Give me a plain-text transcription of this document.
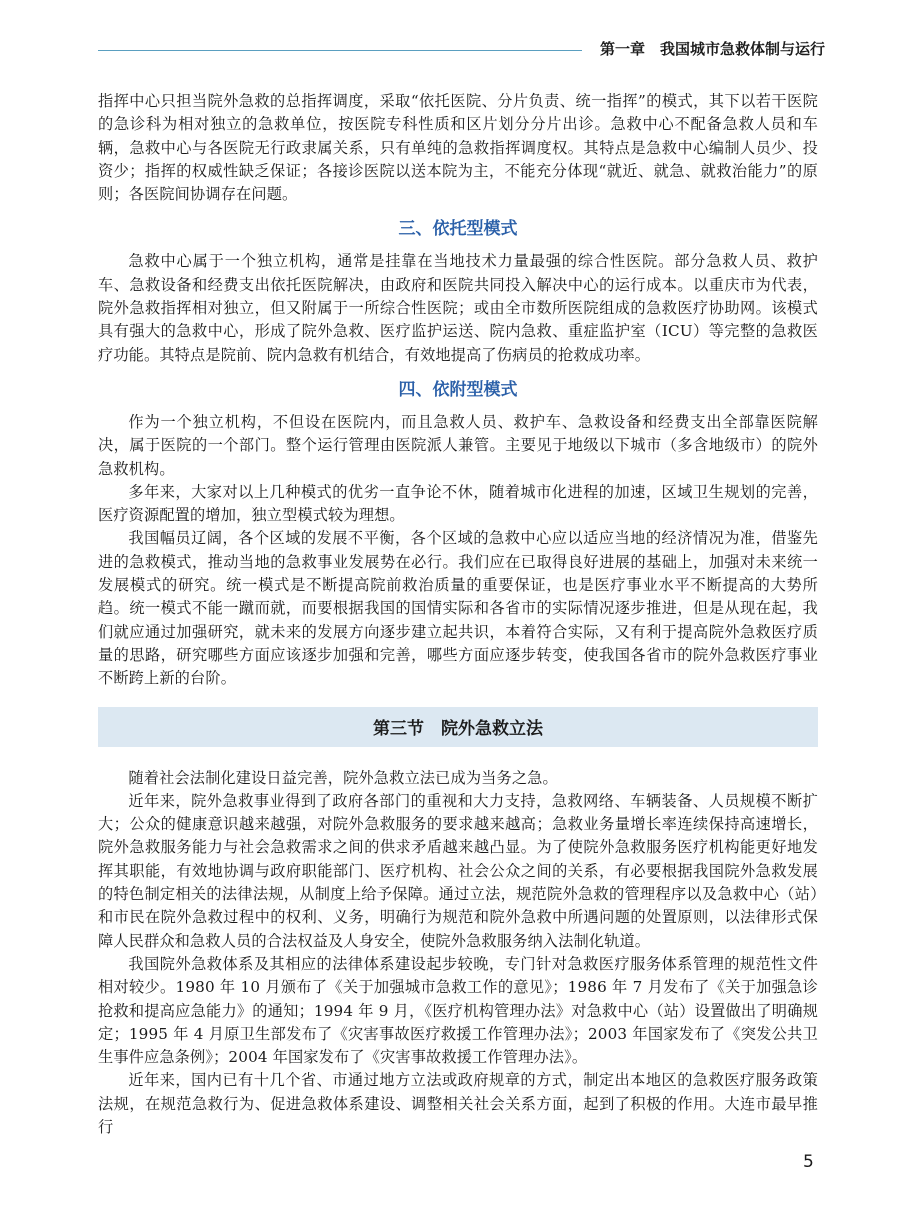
第一章　我国城市急救体制与运行

指挥中心只担当院外急救的总指挥调度，采取“依托医院、分片负责、统一指挥”的模式，其下以若干医院的急诊科为相对独立的急救单位，按医院专科性质和区片划分分片出诊。急救中心不配备急救人员和车辆，急救中心与各医院无行政隶属关系，只有单纯的急救指挥调度权。其特点是急救中心编制人员少、投资少；指挥的权威性缺乏保证；各接诊医院以送本院为主，不能充分体现“就近、就急、就救治能力”的原则；各医院间协调存在问题。

三、依托型模式

急救中心属于一个独立机构，通常是挂靠在当地技术力量最强的综合性医院。部分急救人员、救护车、急救设备和经费支出依托医院解决，由政府和医院共同投入解决中心的运行成本。以重庆市为代表，院外急救指挥相对独立，但又附属于一所综合性医院；或由全市数所医院组成的急救医疗协助网。该模式具有强大的急救中心，形成了院外急救、医疗监护运送、院内急救、重症监护室（ICU）等完整的急救医疗功能。其特点是院前、院内急救有机结合，有效地提高了伤病员的抢救成功率。

四、依附型模式

作为一个独立机构，不但设在医院内，而且急救人员、救护车、急救设备和经费支出全部靠医院解决，属于医院的一个部门。整个运行管理由医院派人兼管。主要见于地级以下城市（多含地级市）的院外急救机构。

多年来，大家对以上几种模式的优劣一直争论不休，随着城市化进程的加速，区域卫生规划的完善，医疗资源配置的增加，独立型模式较为理想。

我国幅员辽阔，各个区域的发展不平衡，各个区域的急救中心应以适应当地的经济情况为准，借鉴先进的急救模式，推动当地的急救事业发展势在必行。我们应在已取得良好进展的基础上，加强对未来统一发展模式的研究。统一模式是不断提高院前救治质量的重要保证，也是医疗事业水平不断提高的大势所趋。统一模式不能一蹴而就，而要根据我国的国情实际和各省市的实际情况逐步推进，但是从现在起，我们就应通过加强研究，就未来的发展方向逐步建立起共识，本着符合实际，又有利于提高院外急救医疗质量的思路，研究哪些方面应该逐步加强和完善，哪些方面应逐步转变，使我国各省市的院外急救医疗事业不断跨上新的台阶。

第三节　院外急救立法

随着社会法制化建设日益完善，院外急救立法已成为当务之急。

近年来，院外急救事业得到了政府各部门的重视和大力支持，急救网络、车辆装备、人员规模不断扩大；公众的健康意识越来越强，对院外急救服务的要求越来越高；急救业务量增长率连续保持高速增长，院外急救服务能力与社会急救需求之间的供求矛盾越来越凸显。为了使院外急救服务医疗机构能更好地发挥其职能，有效地协调与政府职能部门、医疗机构、社会公众之间的关系，有必要根据我国院外急救发展的特色制定相关的法律法规，从制度上给予保障。通过立法，规范院外急救的管理程序以及急救中心（站）和市民在院外急救过程中的权利、义务，明确行为规范和院外急救中所遇问题的处置原则，以法律形式保障人民群众和急救人员的合法权益及人身安全，使院外急救服务纳入法制化轨道。

我国院外急救体系及其相应的法律体系建设起步较晚，专门针对急救医疗服务体系管理的规范性文件相对较少。1980 年 10 月颁布了《关于加强城市急救工作的意见》；1986 年 7 月发布了《关于加强急诊抢救和提高应急能力》的通知；1994 年 9 月，《医疗机构管理办法》对急救中心（站）设置做出了明确规定；1995 年 4 月原卫生部发布了《灾害事故医疗救援工作管理办法》；2003 年国家发布了《突发公共卫生事件应急条例》；2004 年国家发布了《灾害事故救援工作管理办法》。

近年来，国内已有十几个省、市通过地方立法或政府规章的方式，制定出本地区的急救医疗服务政策法规，在规范急救行为、促进急救体系建设、调整相关社会关系方面，起到了积极的作用。大连市最早推行

5
